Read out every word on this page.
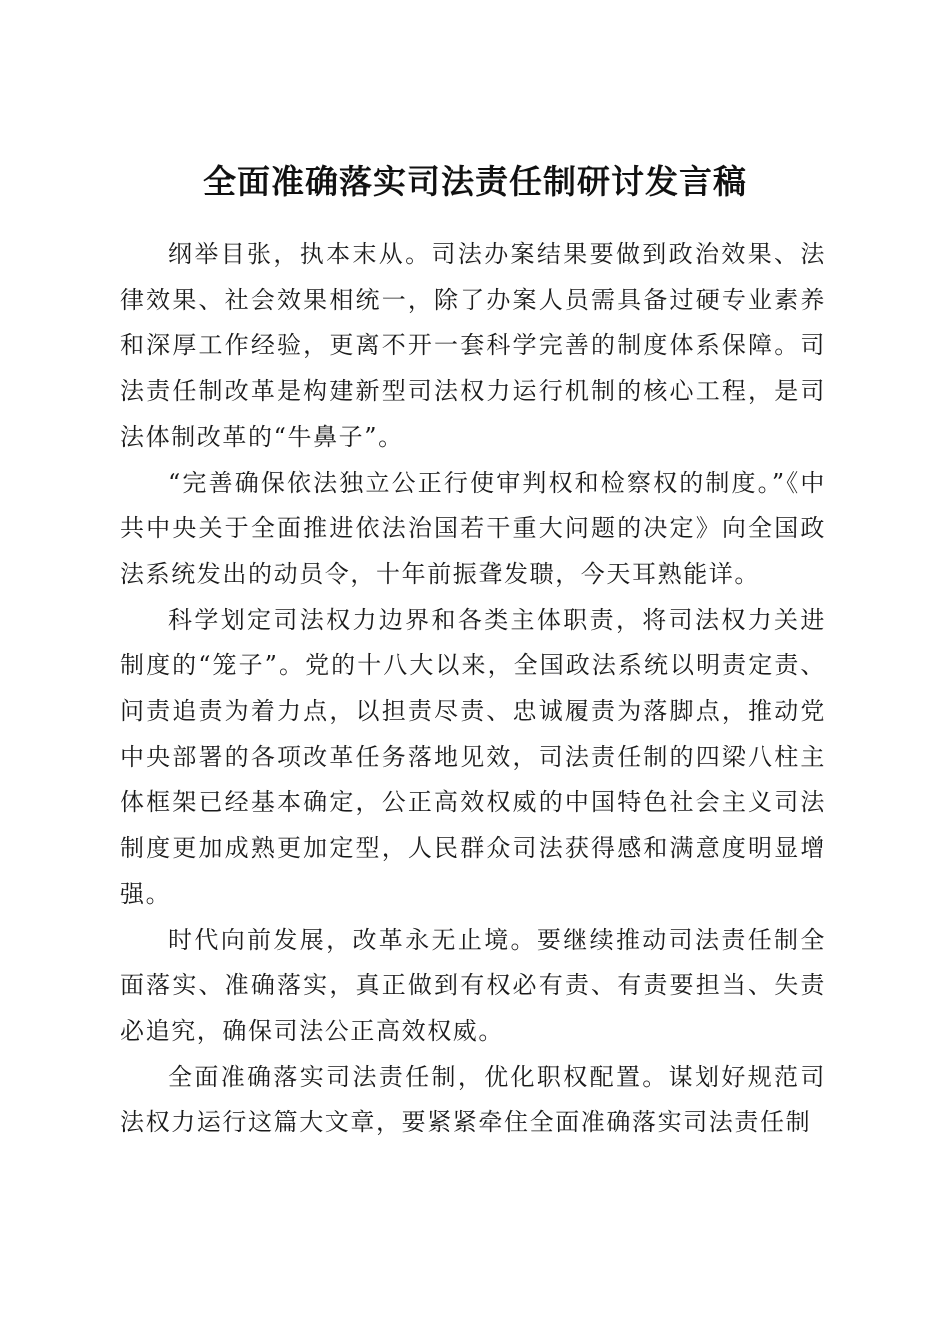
全面准确落实司法责任制研讨发言稿

纲举目张，执本末从。司法办案结果要做到政治效果、法律效果、社会效果相统一，除了办案人员需具备过硬专业素养和深厚工作经验，更离不开一套科学完善的制度体系保障。司法责任制改革是构建新型司法权力运行机制的核心工程，是司法体制改革的“牛鼻子”。

“完善确保依法独立公正行使审判权和检察权的制度。”《中共中央关于全面推进依法治国若干重大问题的决定》向全国政法系统发出的动员令，十年前振聋发聩，今天耳熟能详。

科学划定司法权力边界和各类主体职责，将司法权力关进制度的“笼子”。党的十八大以来，全国政法系统以明责定责、问责追责为着力点，以担责尽责、忠诚履责为落脚点，推动党中央部署的各项改革任务落地见效，司法责任制的四梁八柱主体框架已经基本确定，公正高效权威的中国特色社会主义司法制度更加成熟更加定型，人民群众司法获得感和满意度明显增强。

时代向前发展，改革永无止境。要继续推动司法责任制全面落实、准确落实，真正做到有权必有责、有责要担当、失责必追究，确保司法公正高效权威。

全面准确落实司法责任制，优化职权配置。谋划好规范司法权力运行这篇大文章，要紧紧牵住全面准确落实司法责任制
